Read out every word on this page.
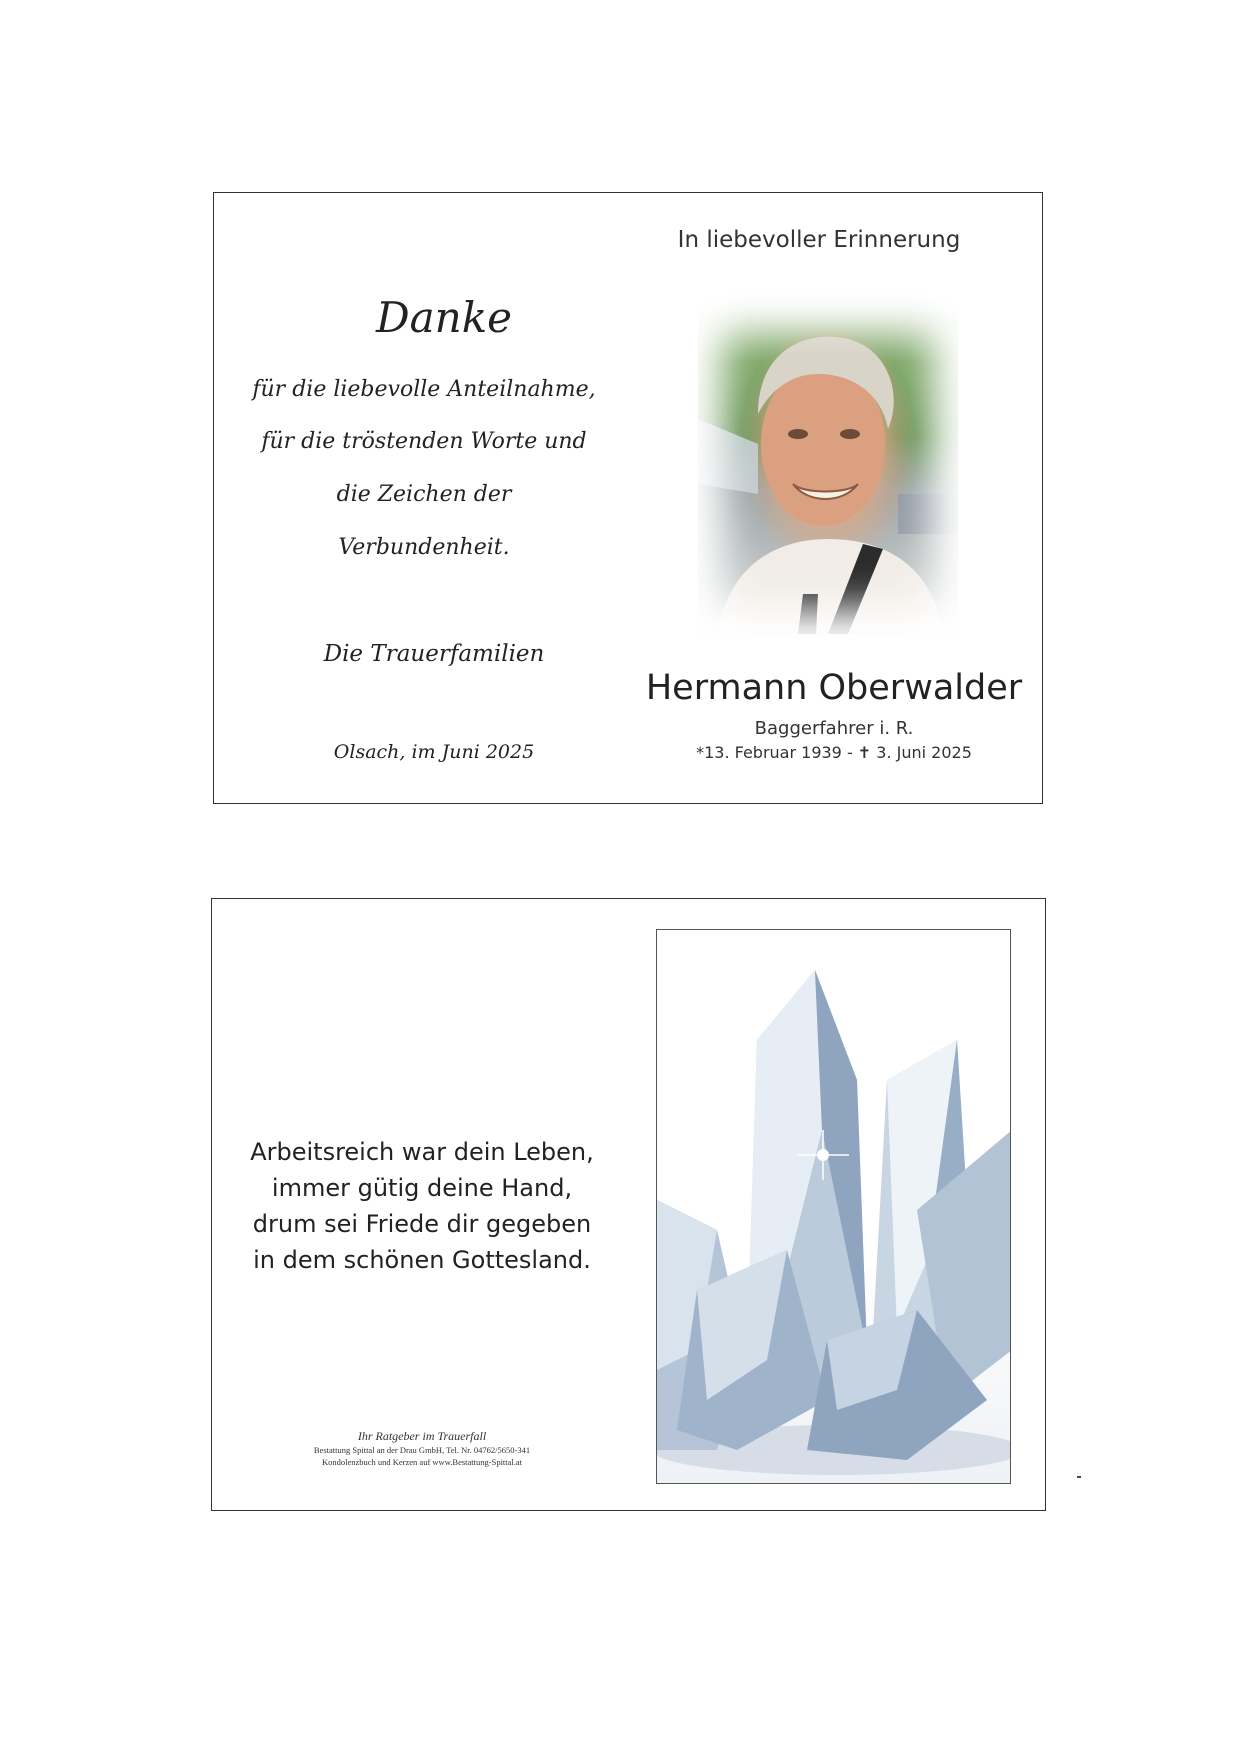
Danke
für die liebevolle Anteilnahme,
für die tröstenden Worte und
die Zeichen der
Verbundenheit.
Die Trauerfamilien
Olsach, im Juni 2025
In liebevoller Erinnerung
Hermann Oberwalder
Baggerfahrer i. R.
*13. Februar 1939 - ✝ 3. Juni 2025
Arbeitsreich war dein Leben,
immer gütig deine Hand,
drum sei Friede dir gegeben
in dem schönen Gottesland.
Ihr Ratgeber im Trauerfall
Bestattung Spittal an der Drau GmbH, Tel. Nr. 04762/5650-341
Kondolenzbuch und Kerzen auf www.Bestattung-Spittal.at
